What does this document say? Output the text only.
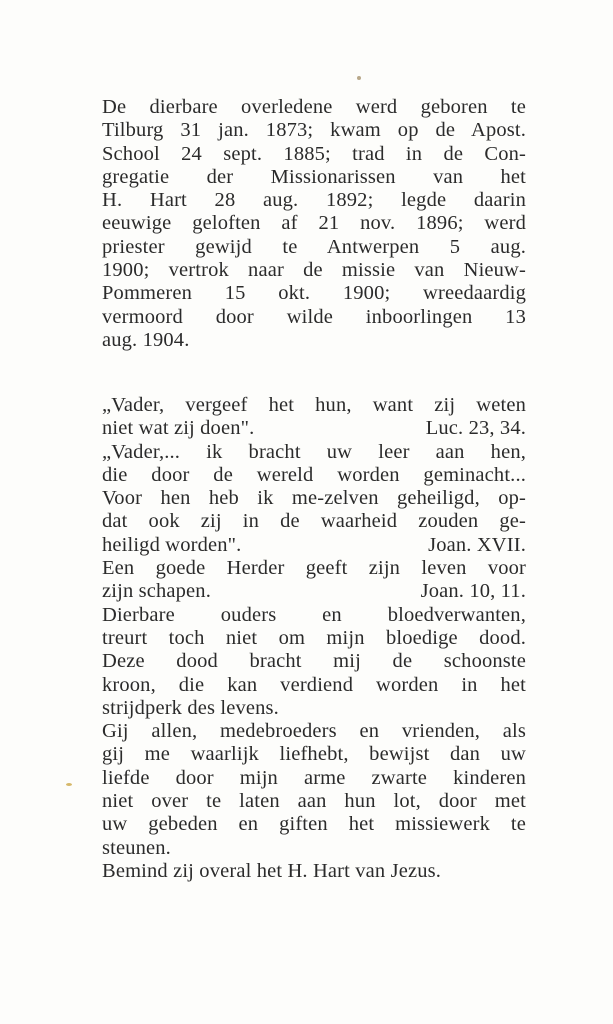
De dierbare overledene werd geboren te
Tilburg 31 jan. 1873; kwam op de Apost.
School 24 sept. 1885; trad in de Con-
gregatie der Missionarissen van het
H. Hart 28 aug. 1892; legde daarin
eeuwige geloften af 21 nov. 1896; werd
priester gewijd te Antwerpen 5 aug.
1900; vertrok naar de missie van Nieuw-
Pommeren 15 okt. 1900; wreedaardig
vermoord door wilde inboorlingen 13
aug. 1904.
„Vader, vergeef het hun, want zij weten
niet wat zij doen".	Luc. 23, 34.
„Vader,... ik bracht uw leer aan hen,
die door de wereld worden geminacht...
Voor hen heb ik me-zelven geheiligd, op-
dat ook zij in de waarheid zouden ge-
heiligd worden".	Joan. XVII.
Een goede Herder geeft zijn leven voor
zijn schapen.	Joan. 10, 11.
Dierbare ouders en bloedverwanten,
treurt toch niet om mijn bloedige dood.
Deze dood bracht mij de schoonste
kroon, die kan verdiend worden in het
strijdperk des levens.
Gij allen, medebroeders en vrienden, als
gij me waarlijk liefhebt, bewijst dan uw
liefde door mijn arme zwarte kinderen
niet over te laten aan hun lot, door met
uw gebeden en giften het missiewerk te
steunen.
Bemind zij overal het H. Hart van Jezus.
